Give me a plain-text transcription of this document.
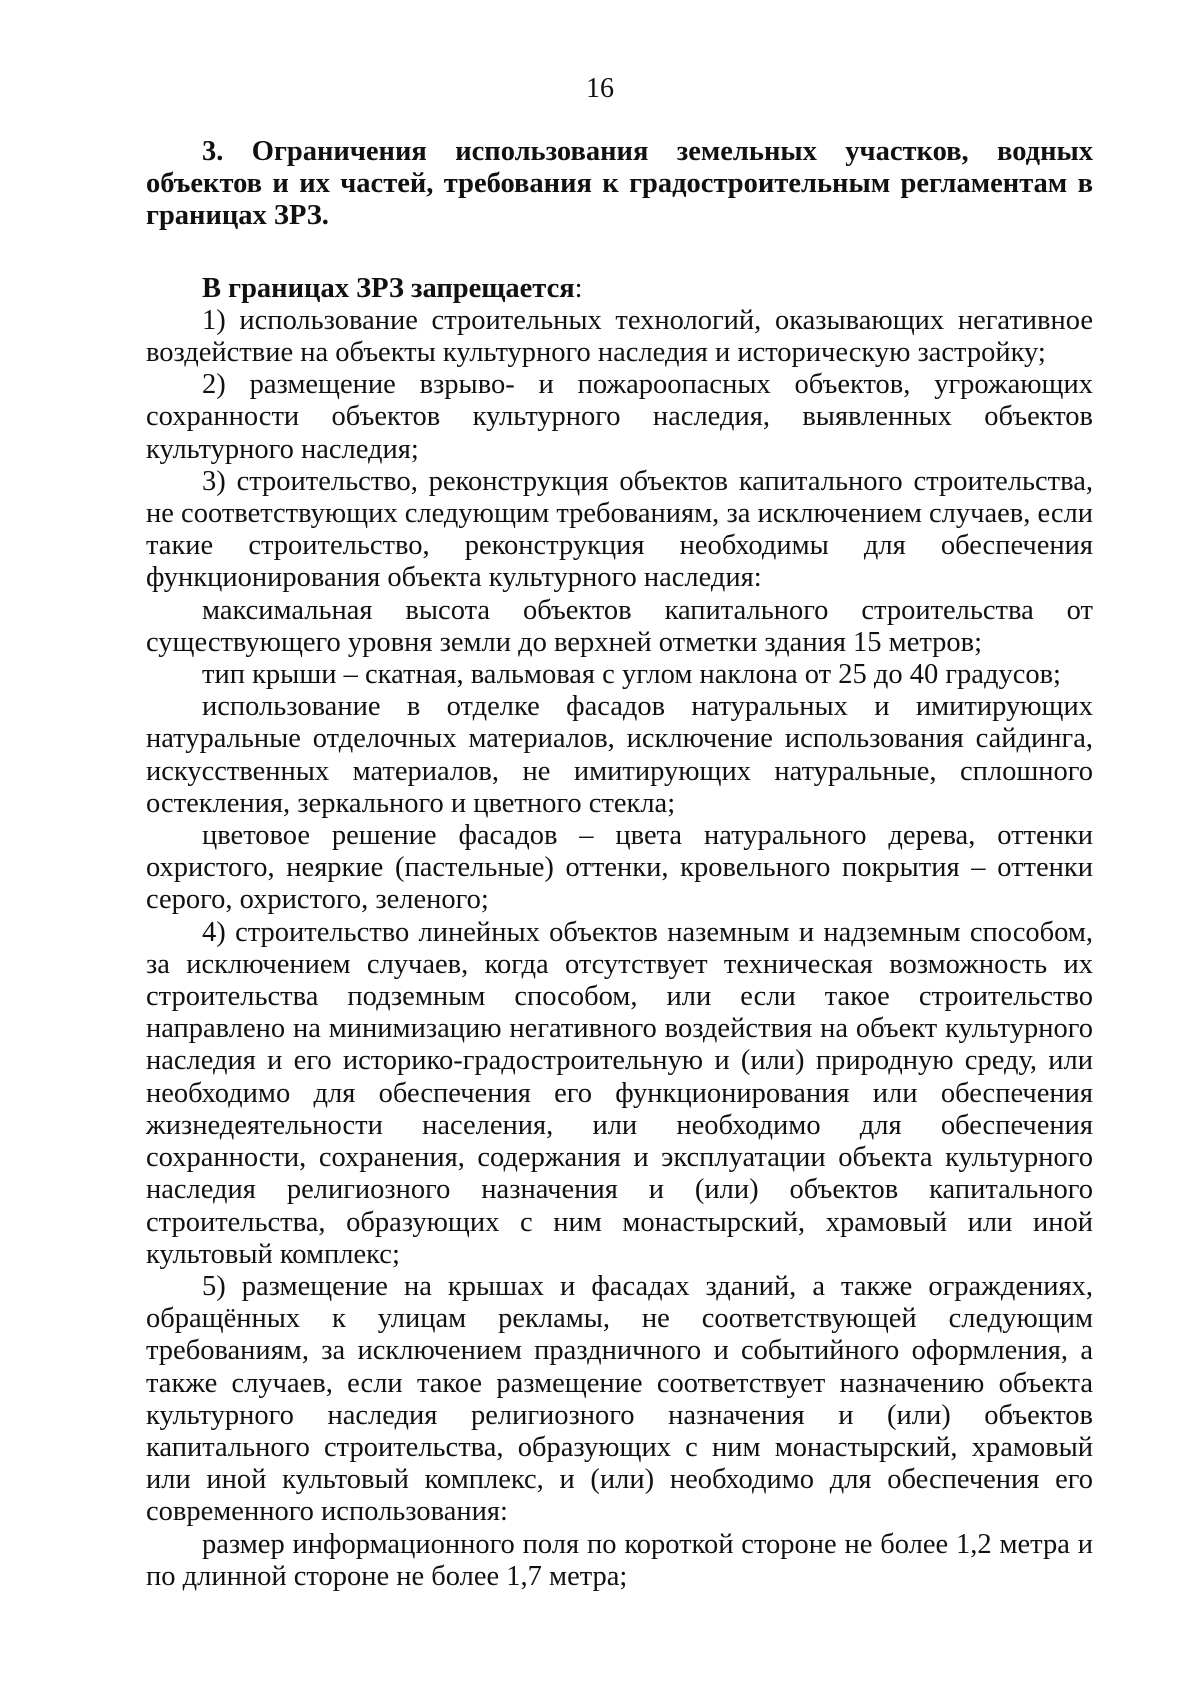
16

3. Ограничения использования земельных участков, водных объектов и их частей, требования к градостроительным регламентам в границах ЗРЗ.

В границах ЗРЗ запрещается:

1) использование строительных технологий, оказывающих негативное воздействие на объекты культурного наследия и историческую застройку;

2) размещение взрыво- и пожароопасных объектов, угрожающих сохранности объектов культурного наследия, выявленных объектов культурного наследия;

3) строительство, реконструкция объектов капитального строительства, не соответствующих следующим требованиям, за исключением случаев, если такие строительство, реконструкция необходимы для обеспечения функционирования объекта культурного наследия:

максимальная высота объектов капитального строительства от существующего уровня земли до верхней отметки здания 15 метров;

тип крыши – скатная, вальмовая с углом наклона от 25 до 40 градусов;

использование в отделке фасадов натуральных и имитирующих натуральные отделочных материалов, исключение использования сайдинга, искусственных материалов, не имитирующих натуральные, сплошного остекления, зеркального и цветного стекла;

цветовое решение фасадов – цвета натурального дерева, оттенки охристого, неяркие (пастельные) оттенки, кровельного покрытия – оттенки серого, охристого, зеленого;

4) строительство линейных объектов наземным и надземным способом, за исключением случаев, когда отсутствует техническая возможность их строительства подземным способом, или если такое строительство направлено на минимизацию негативного воздействия на объект культурного наследия и его историко-градостроительную и (или) природную среду, или необходимо для обеспечения его функционирования или обеспечения жизнедеятельности населения, или необходимо для обеспечения сохранности, сохранения, содержания и эксплуатации объекта культурного наследия религиозного назначения и (или) объектов капитального строительства, образующих с ним монастырский, храмовый или иной культовый комплекс;

5) размещение на крышах и фасадах зданий, а также ограждениях, обращённых к улицам рекламы, не соответствующей следующим требованиям, за исключением праздничного и событийного оформления, а также случаев, если такое размещение соответствует назначению объекта культурного наследия религиозного назначения и (или) объектов капитального строительства, образующих с ним монастырский, храмовый или иной культовый комплекс, и (или) необходимо для обеспечения его современного использования:

размер информационного поля по короткой стороне не более 1,2 метра и по длинной стороне не более 1,7 метра;
